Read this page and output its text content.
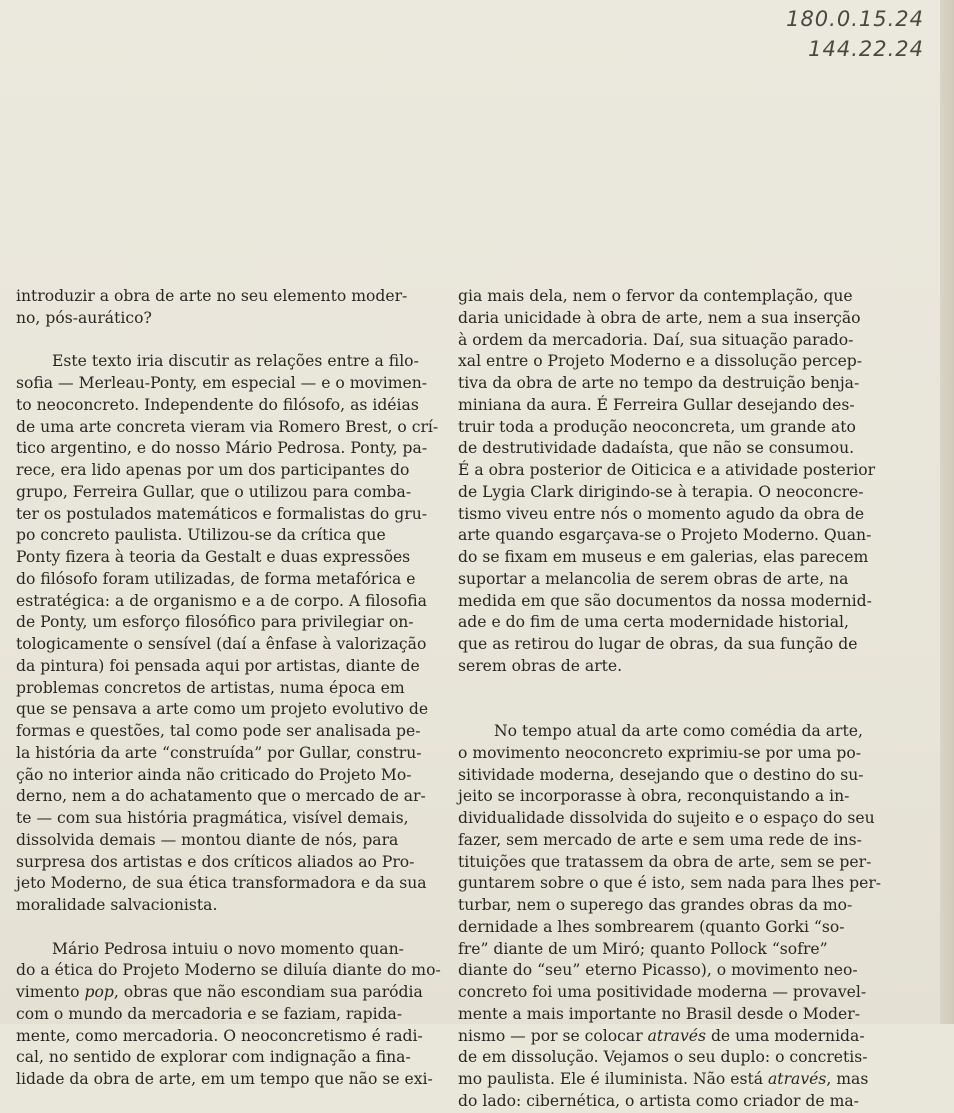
180.0.15.24
144.22.24
introduzir a obra de arte no seu elemento moder-
no, pós-aurático?
Este texto iria discutir as relações entre a filo-
sofia — Merleau-Ponty, em especial — e o movimen-
to neoconcreto. Independente do filósofo, as idéias
de uma arte concreta vieram via Romero Brest, o crí-
tico argentino, e do nosso Mário Pedrosa. Ponty, pa-
rece, era lido apenas por um dos participantes do
grupo, Ferreira Gullar, que o utilizou para comba-
ter os postulados matemáticos e formalistas do gru-
po concreto paulista. Utilizou-se da crítica que
Ponty fizera à teoria da Gestalt e duas expressões
do filósofo foram utilizadas, de forma metafórica e
estratégica: a de organismo e a de corpo. A filosofia
de Ponty, um esforço filosófico para privilegiar on-
tologicamente o sensível (daí a ênfase à valorização
da pintura) foi pensada aqui por artistas, diante de
problemas concretos de artistas, numa época em
que se pensava a arte como um projeto evolutivo de
formas e questões, tal como pode ser analisada pe-
la história da arte “construída” por Gullar, constru-
ção no interior ainda não criticado do Projeto Mo-
derno, nem a do achatamento que o mercado de ar-
te — com sua história pragmática, visível demais,
dissolvida demais — montou diante de nós, para
surpresa dos artistas e dos críticos aliados ao Pro-
jeto Moderno, de sua ética transformadora e da sua
moralidade salvacionista.
Mário Pedrosa intuiu o novo momento quan-
do a ética do Projeto Moderno se diluía diante do mo-
vimento pop, obras que não escondiam sua paródia
com o mundo da mercadoria e se faziam, rapida-
mente, como mercadoria. O neoconcretismo é radi-
cal, no sentido de explorar com indignação a fina-
lidade da obra de arte, em um tempo que não se exi-
gia mais dela, nem o fervor da contemplação, que
daria unicidade à obra de arte, nem a sua inserção
à ordem da mercadoria. Daí, sua situação parado-
xal entre o Projeto Moderno e a dissolução percep-
tiva da obra de arte no tempo da destruição benja-
miniana da aura. É Ferreira Gullar desejando des-
truir toda a produção neoconcreta, um grande ato
de destrutividade dadaísta, que não se consumou.
É a obra posterior de Oiticica e a atividade posterior
de Lygia Clark dirigindo-se à terapia. O neoconcre-
tismo viveu entre nós o momento agudo da obra de
arte quando esgarçava-se o Projeto Moderno. Quan-
do se fixam em museus e em galerias, elas parecem
suportar a melancolia de serem obras de arte, na
medida em que são documentos da nossa modernid-
ade e do fim de uma certa modernidade historial,
que as retirou do lugar de obras, da sua função de
serem obras de arte.
No tempo atual da arte como comédia da arte,
o movimento neoconcreto exprimiu-se por uma po-
sitividade moderna, desejando que o destino do su-
jeito se incorporasse à obra, reconquistando a in-
dividualidade dissolvida do sujeito e o espaço do seu
fazer, sem mercado de arte e sem uma rede de ins-
tituições que tratassem da obra de arte, sem se per-
guntarem sobre o que é isto, sem nada para lhes per-
turbar, nem o superego das grandes obras da mo-
dernidade a lhes sombrearem (quanto Gorki “so-
fre” diante de um Miró; quanto Pollock “sofre”
diante do “seu” eterno Picasso), o movimento neo-
concreto foi uma positividade moderna — provavel-
mente a mais importante no Brasil desde o Moder-
nismo — por se colocar através de uma modernida-
de em dissolução. Vejamos o seu duplo: o concretis-
mo paulista. Ele é iluminista. Não está através, mas
do lado: cibernética, o artista como criador de ma-
